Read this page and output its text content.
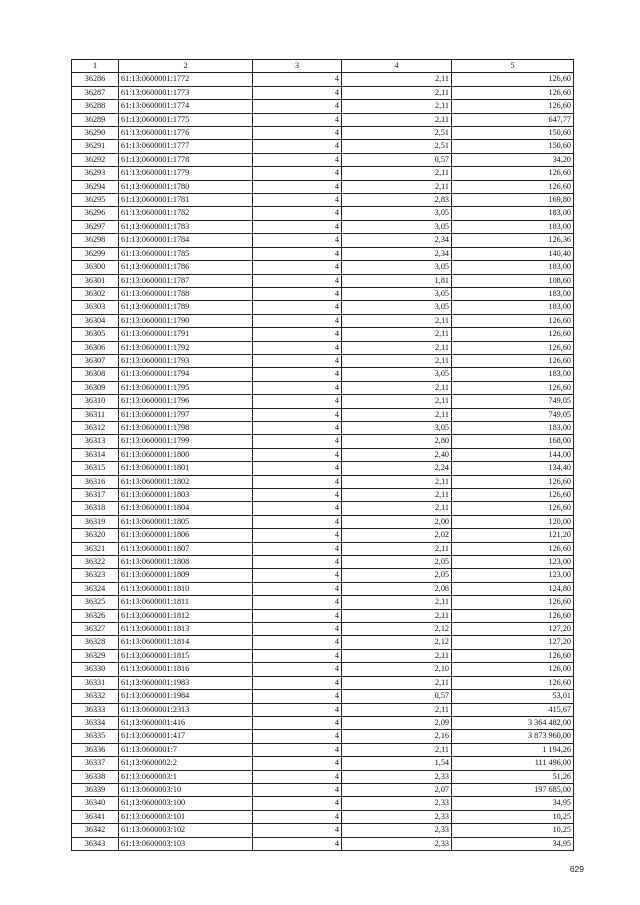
1	2	3	4	5
36286	61:13:0600001:1772	4	2,11	126,60
36287	61:13:0600001:1773	4	2,11	126,60
36288	61:13:0600001:1774	4	2,11	126,60
36289	61:13:0600001:1775	4	2,11	647,77
36290	61:13:0600001:1776	4	2,51	150,60
36291	61:13:0600001:1777	4	2,51	150,60
36292	61:13:0600001:1778	4	0,57	34,20
36293	61:13:0600001:1779	4	2,11	126,60
36294	61:13:0600001:1780	4	2,11	126,60
36295	61:13:0600001:1781	4	2,83	169,80
36296	61:13:0600001:1782	4	3,05	183,00
36297	61:13:0600001:1783	4	3,05	183,00
36298	61:13:0600001:1784	4	2,34	126,36
36299	61:13:0600001:1785	4	2,34	140,40
36300	61:13:0600001:1786	4	3,05	183,00
36301	61:13:0600001:1787	4	1,81	108,60
36302	61:13:0600001:1788	4	3,05	183,00
36303	61:13:0600001:1789	4	3,05	183,00
36304	61:13:0600001:1790	4	2,11	126,60
36305	61:13:0600001:1791	4	2,11	126,60
36306	61:13:0600001:1792	4	2,11	126,60
36307	61:13:0600001:1793	4	2,11	126,60
36308	61:13:0600001:1794	4	3,05	183,00
36309	61:13:0600001:1795	4	2,11	126,60
36310	61:13:0600001:1796	4	2,11	749,05
36311	61:13:0600001:1797	4	2,11	749,05
36312	61:13:0600001:1798	4	3,05	183,00
36313	61:13:0600001:1799	4	2,80	168,00
36314	61:13:0600001:1800	4	2,40	144,00
36315	61:13:0600001:1801	4	2,24	134,40
36316	61:13:0600001:1802	4	2,11	126,60
36317	61:13:0600001:1803	4	2,11	126,60
36318	61:13:0600001:1804	4	2,11	126,60
36319	61:13:0600001:1805	4	2,00	120,00
36320	61:13:0600001:1806	4	2,02	121,20
36321	61:13:0600001:1807	4	2,11	126,60
36322	61:13:0600001:1808	4	2,05	123,00
36323	61:13:0600001:1809	4	2,05	123,00
36324	61:13:0600001:1810	4	2,08	124,80
36325	61:13:0600001:1811	4	2,11	126,60
36326	61:13:0600001:1812	4	2,11	126,60
36327	61:13:0600001:1813	4	2,12	127,20
36328	61:13:0600001:1814	4	2,12	127,20
36329	61:13:0600001:1815	4	2,11	126,60
36330	61:13:0600001:1816	4	2,10	126,00
36331	61:13:0600001:1983	4	2,11	126,60
36332	61:13:0600001:1984	4	0,57	53,01
36333	61:13:0600001:2313	4	2,11	415,67
36334	61:13:0600001:416	4	2,09	3 364 482,00
36335	61:13:0600001:417	4	2,16	3 873 960,00
36336	61:13:0600001:7	4	2,11	1 194,26
36337	61:13:0600002:2	4	1,54	111 496,00
36338	61:13:0600003:1	4	2,33	51,26
36339	61:13:0600003:10	4	2,07	197 685,00
36340	61:13:0600003:100	4	2,33	34,95
36341	61:13:0600003:101	4	2,33	10,25
36342	61:13:0600003:102	4	2,33	10,25
36343	61:13:0600003:103	4	2,33	34,95
629
